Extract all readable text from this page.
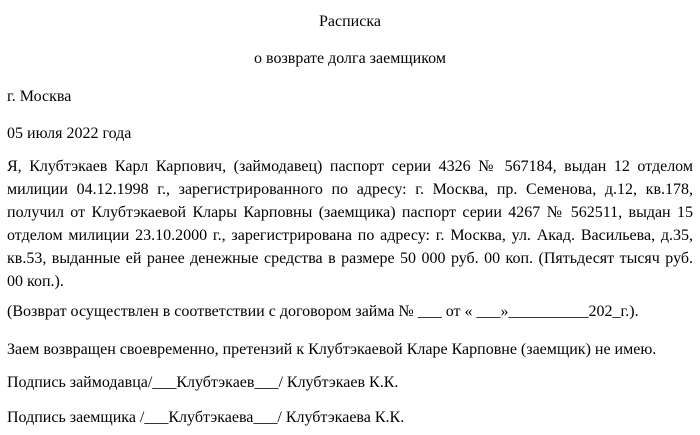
Расписка
о возврате долга заемщиком
г. Москва
05 июля 2022 года
Я, Клубтэкаев Карл Карпович, (займодавец) паспорт серии 4326 № 567184, выдан 12 отделом
милиции 04.12.1998 г., зарегистрированного по адресу: г. Москва, пр. Семенова, д.12, кв.178,
получил от Клубтэкаевой Клары Карповны (заемщика) паспорт серии 4267 № 562511, выдан 15
отделом милиции 23.10.2000 г., зарегистрирована по адресу: г. Москва, ул. Акад. Васильева, д.35,
кв.53, выданные ей ранее денежные средства в размере 50 000 руб. 00 коп. (Пятьдесят тысяч руб.
00 коп.).
(Возврат осуществлен в соответствии с договором займа № ___ от « ___»__________202_г.).
Заем возвращен своевременно, претензий к Клубтэкаевой Кларе Карповне (заемщик) не имею.
Подпись займодавца/___Клубтэкаев___/ Клубтэкаев К.К.
Подпись заемщика /___Клубтэкаева___/ Клубтэкаева К.К.
